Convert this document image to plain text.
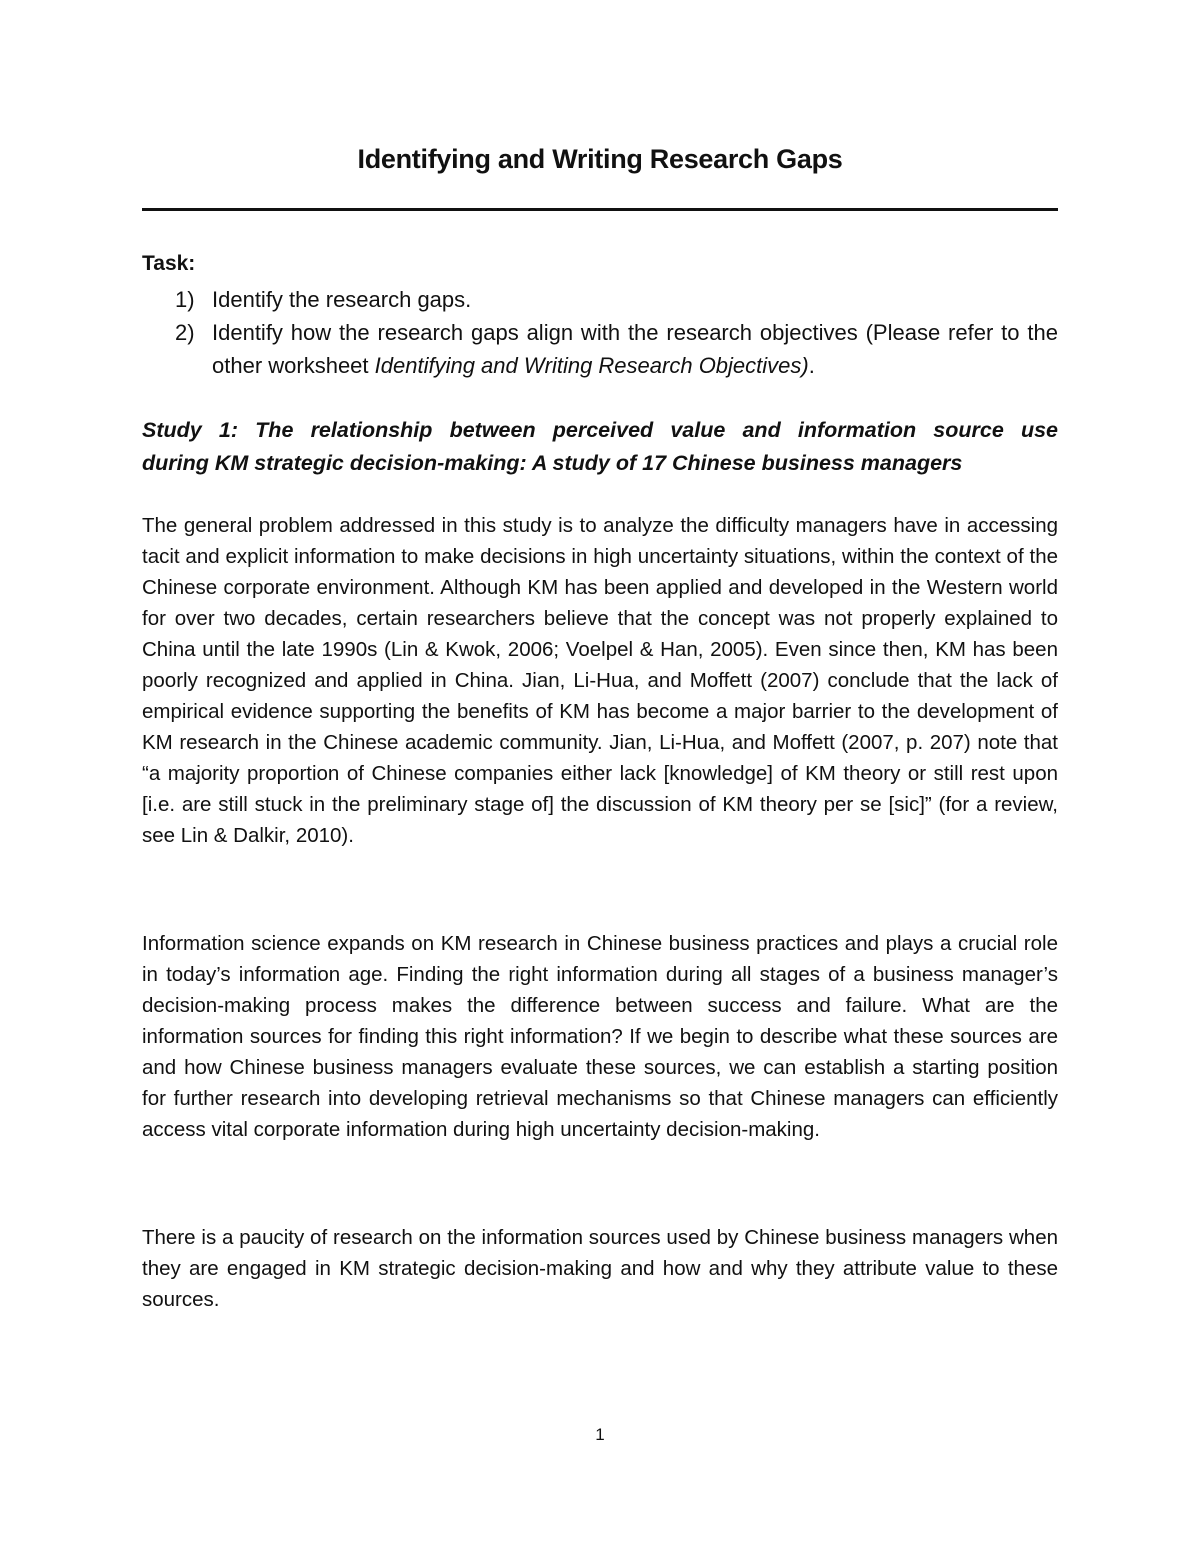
Identifying and Writing Research Gaps
Task:
1) Identify the research gaps.
2) Identify how the research gaps align with the research objectives (Please refer to the other worksheet Identifying and Writing Research Objectives).
Study 1: The relationship between perceived value and information source use
during KM strategic decision-making: A study of 17 Chinese business managers

The general problem addressed in this study is to analyze the difficulty managers have in accessing tacit and explicit information to make decisions in high uncertainty situations, within the context of the Chinese corporate environment. Although KM has been applied and developed in the Western world for over two decades, certain researchers believe that the concept was not properly explained to China until the late 1990s (Lin & Kwok, 2006; Voelpel & Han, 2005). Even since then, KM has been poorly recognized and applied in China. Jian, Li-Hua, and Moffett (2007) conclude that the lack of empirical evidence supporting the benefits of KM has become a major barrier to the development of KM research in the Chinese academic community. Jian, Li-Hua, and Moffett (2007, p. 207) note that “a majority proportion of Chinese companies either lack [knowledge] of KM theory or still rest upon [i.e. are still stuck in the preliminary stage of] the discussion of KM theory per se [sic]” (for a review, see Lin & Dalkir, 2010).

Information science expands on KM research in Chinese business practices and plays a crucial role in today’s information age. Finding the right information during all stages of a business manager’s decision-making process makes the difference between success and failure. What are the information sources for finding this right information? If we begin to describe what these sources are and how Chinese business managers evaluate these sources, we can establish a starting position for further research into developing retrieval mechanisms so that Chinese managers can efficiently access vital corporate information during high uncertainty decision-making.

There is a paucity of research on the information sources used by Chinese business managers when they are engaged in KM strategic decision-making and how and why they attribute value to these sources.

1
